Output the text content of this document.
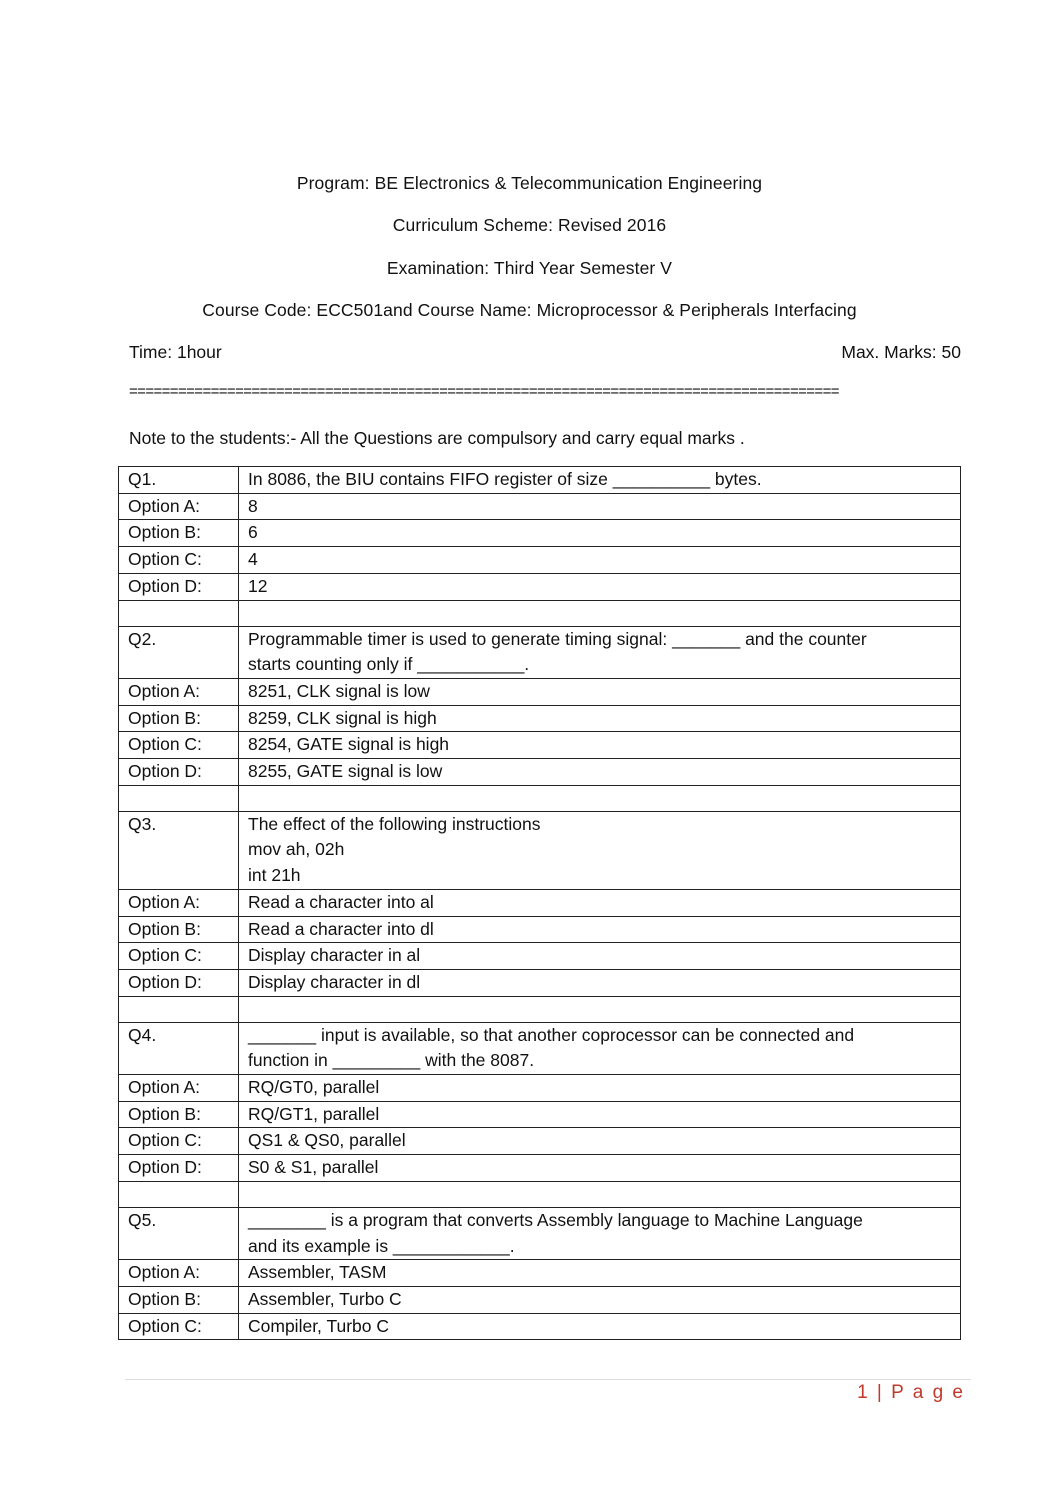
Program: BE Electronics & Telecommunication Engineering
Curriculum Scheme: Revised 2016
Examination: Third Year Semester V
Course Code: ECC501and Course Name: Microprocessor & Peripherals Interfacing
Time: 1hour	Max. Marks: 50
=======================================================================================
Note to the students:- All the Questions are compulsory and carry equal marks .
Q1.	In 8086, the BIU contains FIFO register of size __________ bytes.
Option A:	8
Option B:	6
Option C:	4
Option D:	12

Q2.	Programmable timer is used to generate timing signal: _______ and the counter
starts counting only if ___________.
Option A:	8251, CLK signal is low
Option B:	8259, CLK signal is high
Option C:	8254, GATE signal is high
Option D:	8255, GATE signal is low

Q3.	The effect of the following instructions
mov ah, 02h
int 21h
Option A:	Read a character into al
Option B:	Read a character into dl
Option C:	Display character in al
Option D:	Display character in dl

Q4.	_______ input is available, so that another coprocessor can be connected and
function in _________ with the 8087.
Option A:	RQ/GT0, parallel
Option B:	RQ/GT1, parallel
Option C:	QS1 & QS0, parallel
Option D:	S0 & S1, parallel

Q5.	________ is a program that converts Assembly language to Machine Language
and its example is ____________.
Option A:	Assembler, TASM
Option B:	Assembler, Turbo C
Option C:	Compiler, Turbo C
1 | P a g e
